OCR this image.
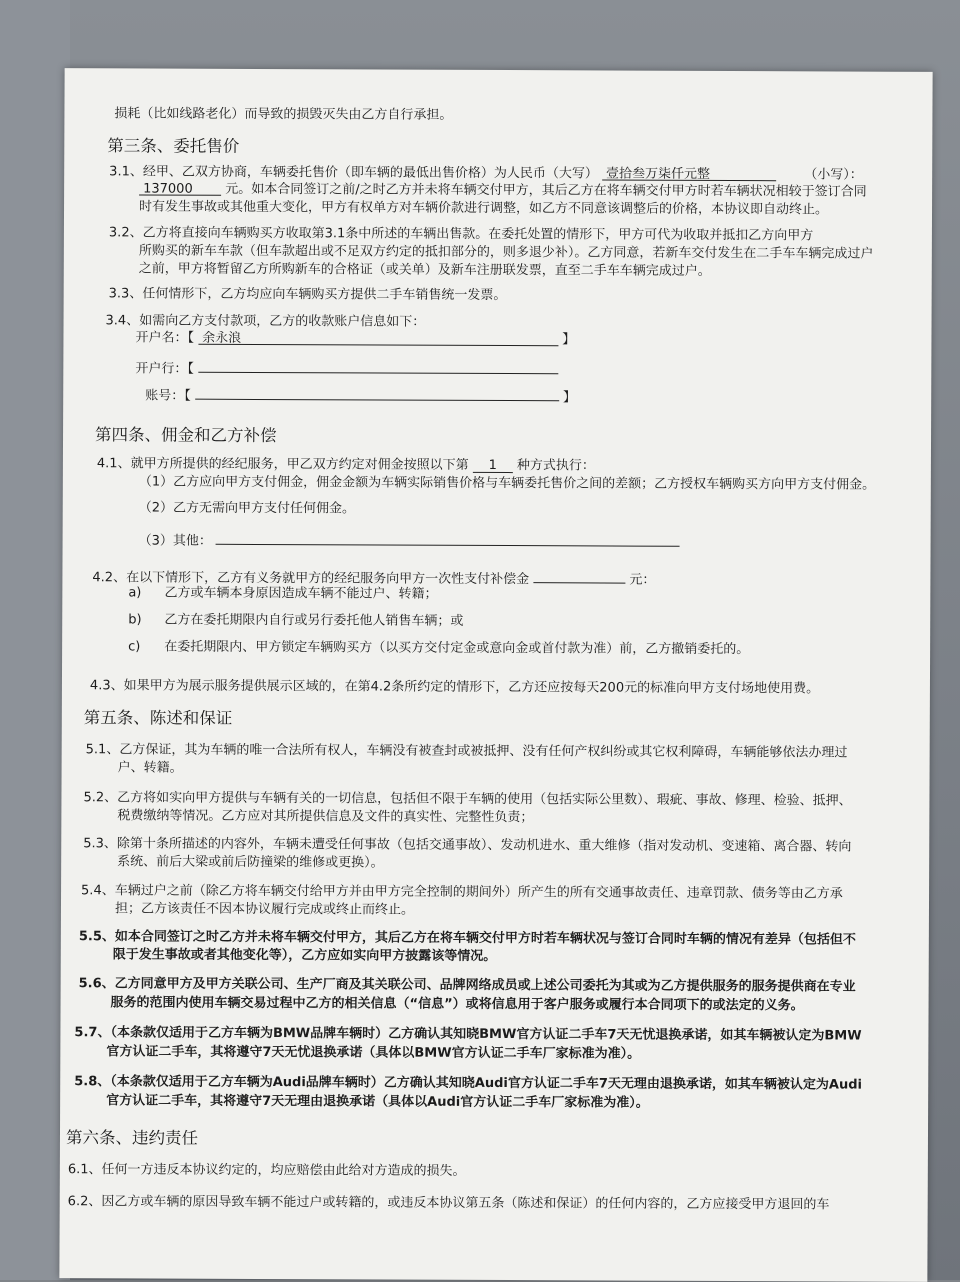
损耗（比如线路老化）而导致的损毁灭失由乙方自行承担。
第三条、委托售价
3.1、经甲、乙双方协商，车辆委托售价（即车辆的最低出售价格）为人民币（大写） 壹拾叁万柒仟元整	（小写）：
137000 元。如本合同签订之前/之时乙方并未将车辆交付甲方，其后乙方在将车辆交付甲方时若车辆状况相较于签订合同
时有发生事故或其他重大变化，甲方有权单方对车辆价款进行调整，如乙方不同意该调整后的价格，本协议即自动终止。
3.2、乙方将直接向车辆购买方收取第3.1条中所述的车辆出售款。在委托处置的情形下，甲方可代为收取并抵扣乙方向甲方
所购买的新车车款（但车款超出或不足双方约定的抵扣部分的，则多退少补）。乙方同意，若新车交付发生在二手车车辆完成过户
之前，甲方将暂留乙方所购新车的合格证（或关单）及新车注册联发票，直至二手车车辆完成过户。
3.3、任何情形下，乙方均应向车辆购买方提供二手车销售统一发票。
3.4、如需向乙方支付款项，乙方的收款账户信息如下：
开户名：【 余永浪	】
开户行：【
账号：【	】
第四条、佣金和乙方补偿
4.1、就甲方所提供的经纪服务，甲乙双方约定对佣金按照以下第 1 种方式执行：
（1）乙方应向甲方支付佣金，佣金金额为车辆实际销售价格与车辆委托售价之间的差额；乙方授权车辆购买方向甲方支付佣金。
（2）乙方无需向甲方支付任何佣金。
（3）其他：
4.2、在以下情形下，乙方有义务就甲方的经纪服务向甲方一次性支付补偿金	元：
a) 乙方或车辆本身原因造成车辆不能过户、转籍；
b) 乙方在委托期限内自行或另行委托他人销售车辆；或
c) 在委托期限内、甲方锁定车辆购买方（以买方交付定金或意向金或首付款为准）前，乙方撤销委托的。
4.3、如果甲方为展示服务提供展示区域的，在第4.2条所约定的情形下，乙方还应按每天200元的标准向甲方支付场地使用费。
第五条、陈述和保证
5.1、乙方保证，其为车辆的唯一合法所有权人，车辆没有被查封或被抵押、没有任何产权纠纷或其它权利障碍，车辆能够依法办理过
户、转籍。
5.2、乙方将如实向甲方提供与车辆有关的一切信息，包括但不限于车辆的使用（包括实际公里数）、瑕疵、事故、修理、检验、抵押、
税费缴纳等情况。乙方应对其所提供信息及文件的真实性、完整性负责；
5.3、除第十条所描述的内容外，车辆未遭受任何事故（包括交通事故）、发动机进水、重大维修（指对发动机、变速箱、离合器、转向
系统、前后大梁或前后防撞梁的维修或更换）。
5.4、车辆过户之前（除乙方将车辆交付给甲方并由甲方完全控制的期间外）所产生的所有交通事故责任、违章罚款、债务等由乙方承
担；乙方该责任不因本协议履行完成或终止而终止。
5.5、如本合同签订之时乙方并未将车辆交付甲方，其后乙方在将车辆交付甲方时若车辆状况与签订合同时车辆的情况有差异（包括但不
限于发生事故或者其他变化等），乙方应如实向甲方披露该等情况。
5.6、乙方同意甲方及甲方关联公司、生产厂商及其关联公司、品牌网络成员或上述公司委托为其或为乙方提供服务的服务提供商在专业
服务的范围内使用车辆交易过程中乙方的相关信息（“信息”）或将信息用于客户服务或履行本合同项下的或法定的义务。
5.7、（本条款仅适用于乙方车辆为BMW品牌车辆时）乙方确认其知晓BMW官方认证二手车7天无忧退换承诺，如其车辆被认定为BMW
官方认证二手车，其将遵守7天无忧退换承诺（具体以BMW官方认证二手车厂家标准为准）。
5.8、（本条款仅适用于乙方车辆为Audi品牌车辆时）乙方确认其知晓Audi官方认证二手车7天无理由退换承诺，如其车辆被认定为Audi
官方认证二手车，其将遵守7天无理由退换承诺（具体以Audi官方认证二手车厂家标准为准）。
第六条、违约责任
6.1、任何一方违反本协议约定的，均应赔偿由此给对方造成的损失。
6.2、因乙方或车辆的原因导致车辆不能过户或转籍的，或违反本协议第五条（陈述和保证）的任何内容的，乙方应接受甲方退回的车
